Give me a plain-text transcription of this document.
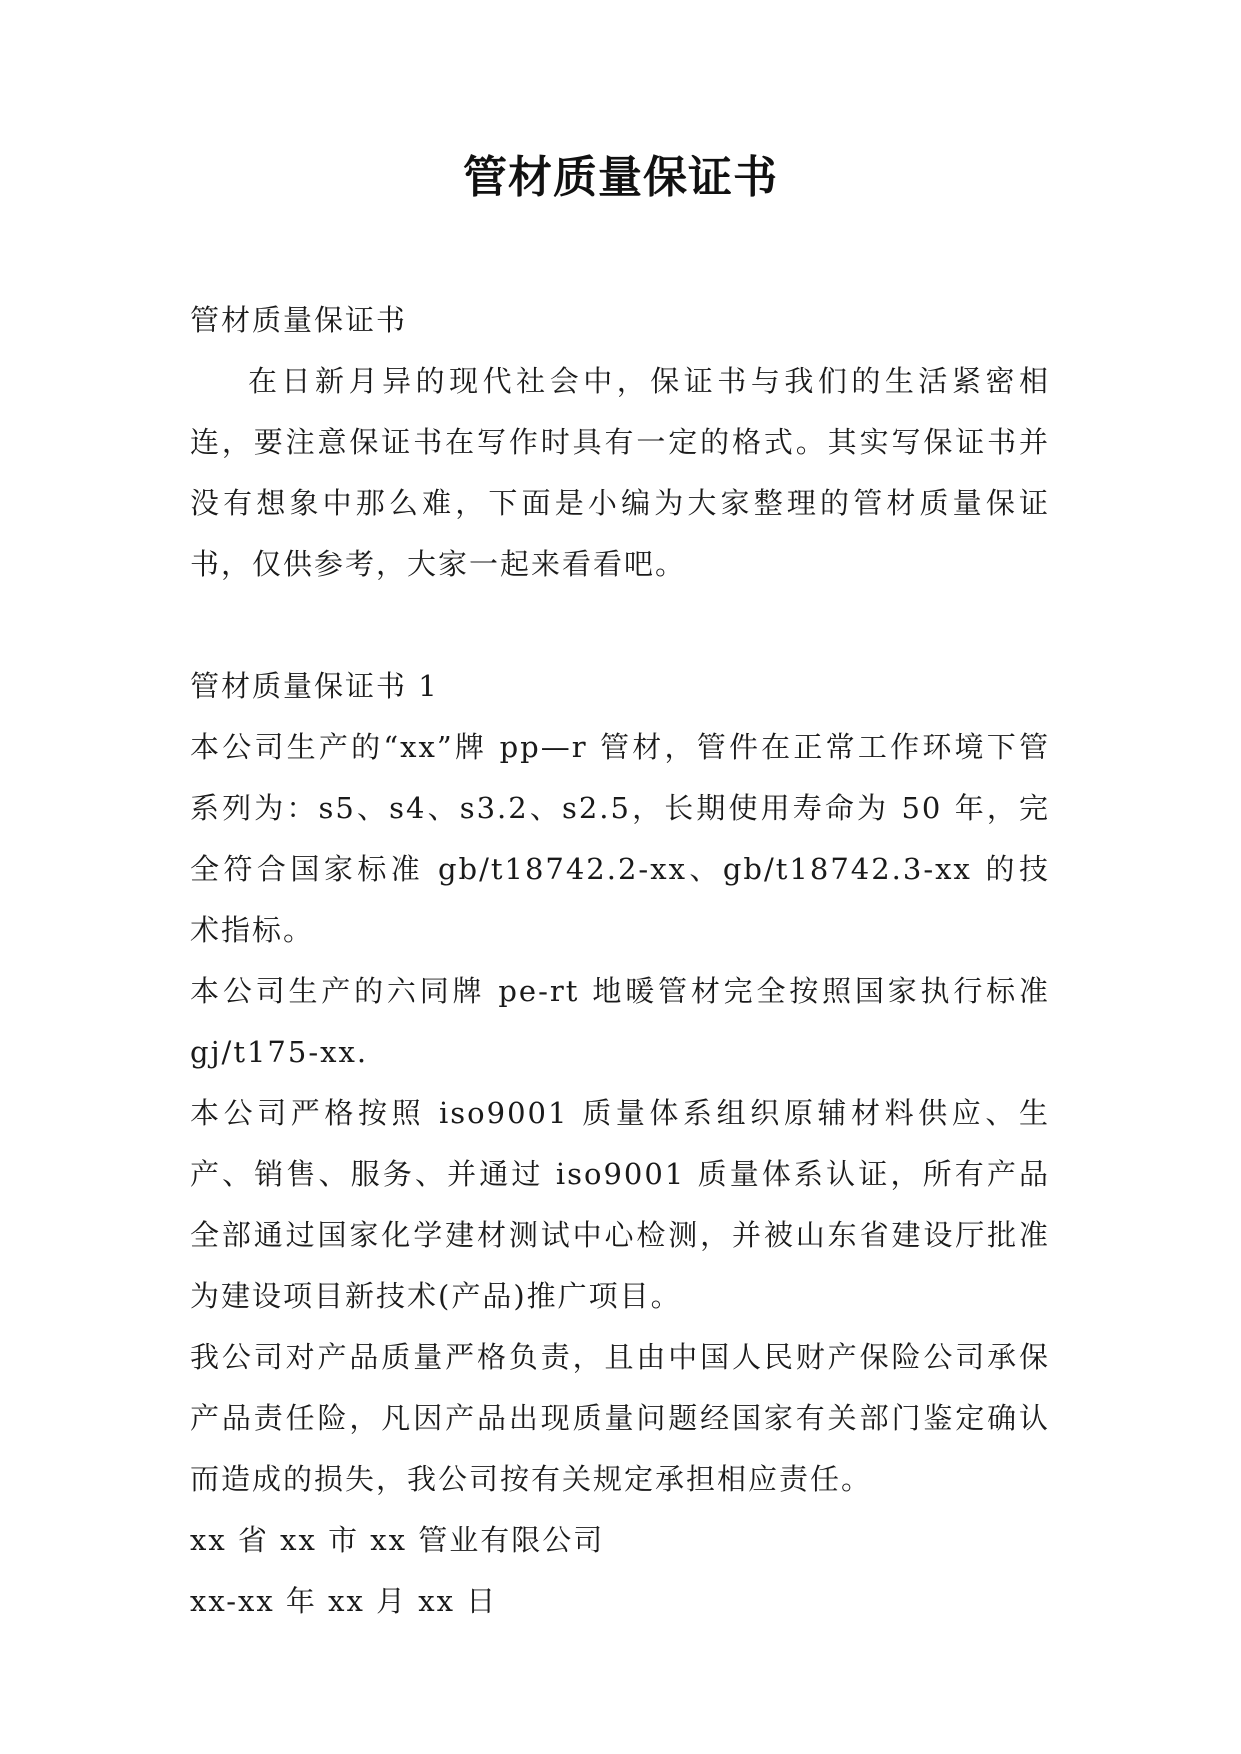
管材质量保证书

管材质量保证书

在日新月异的现代社会中，保证书与我们的生活紧密相连，要注意保证书在写作时具有一定的格式。其实写保证书并没有想象中那么难，下面是小编为大家整理的管材质量保证书，仅供参考，大家一起来看看吧。

管材质量保证书 1

本公司生产的“xx”牌 pp—r 管材，管件在正常工作环境下管系列为：s5、s4、s3.2、s2.5，长期使用寿命为 50 年，完全符合国家标准 gb/t18742.2-xx、gb/t18742.3-xx 的技术指标。

本公司生产的六同牌 pe-rt 地暖管材完全按照国家执行标准 gj/t175-xx.

本公司严格按照 iso9001 质量体系组织原辅材料供应、生产、销售、服务、并通过 iso9001 质量体系认证，所有产品全部通过国家化学建材测试中心检测，并被山东省建设厅批准为建设项目新技术(产品)推广项目。

我公司对产品质量严格负责，且由中国人民财产保险公司承保产品责任险，凡因产品出现质量问题经国家有关部门鉴定确认而造成的损失，我公司按有关规定承担相应责任。

xx 省 xx 市 xx 管业有限公司

xx-xx 年 xx 月 xx 日
